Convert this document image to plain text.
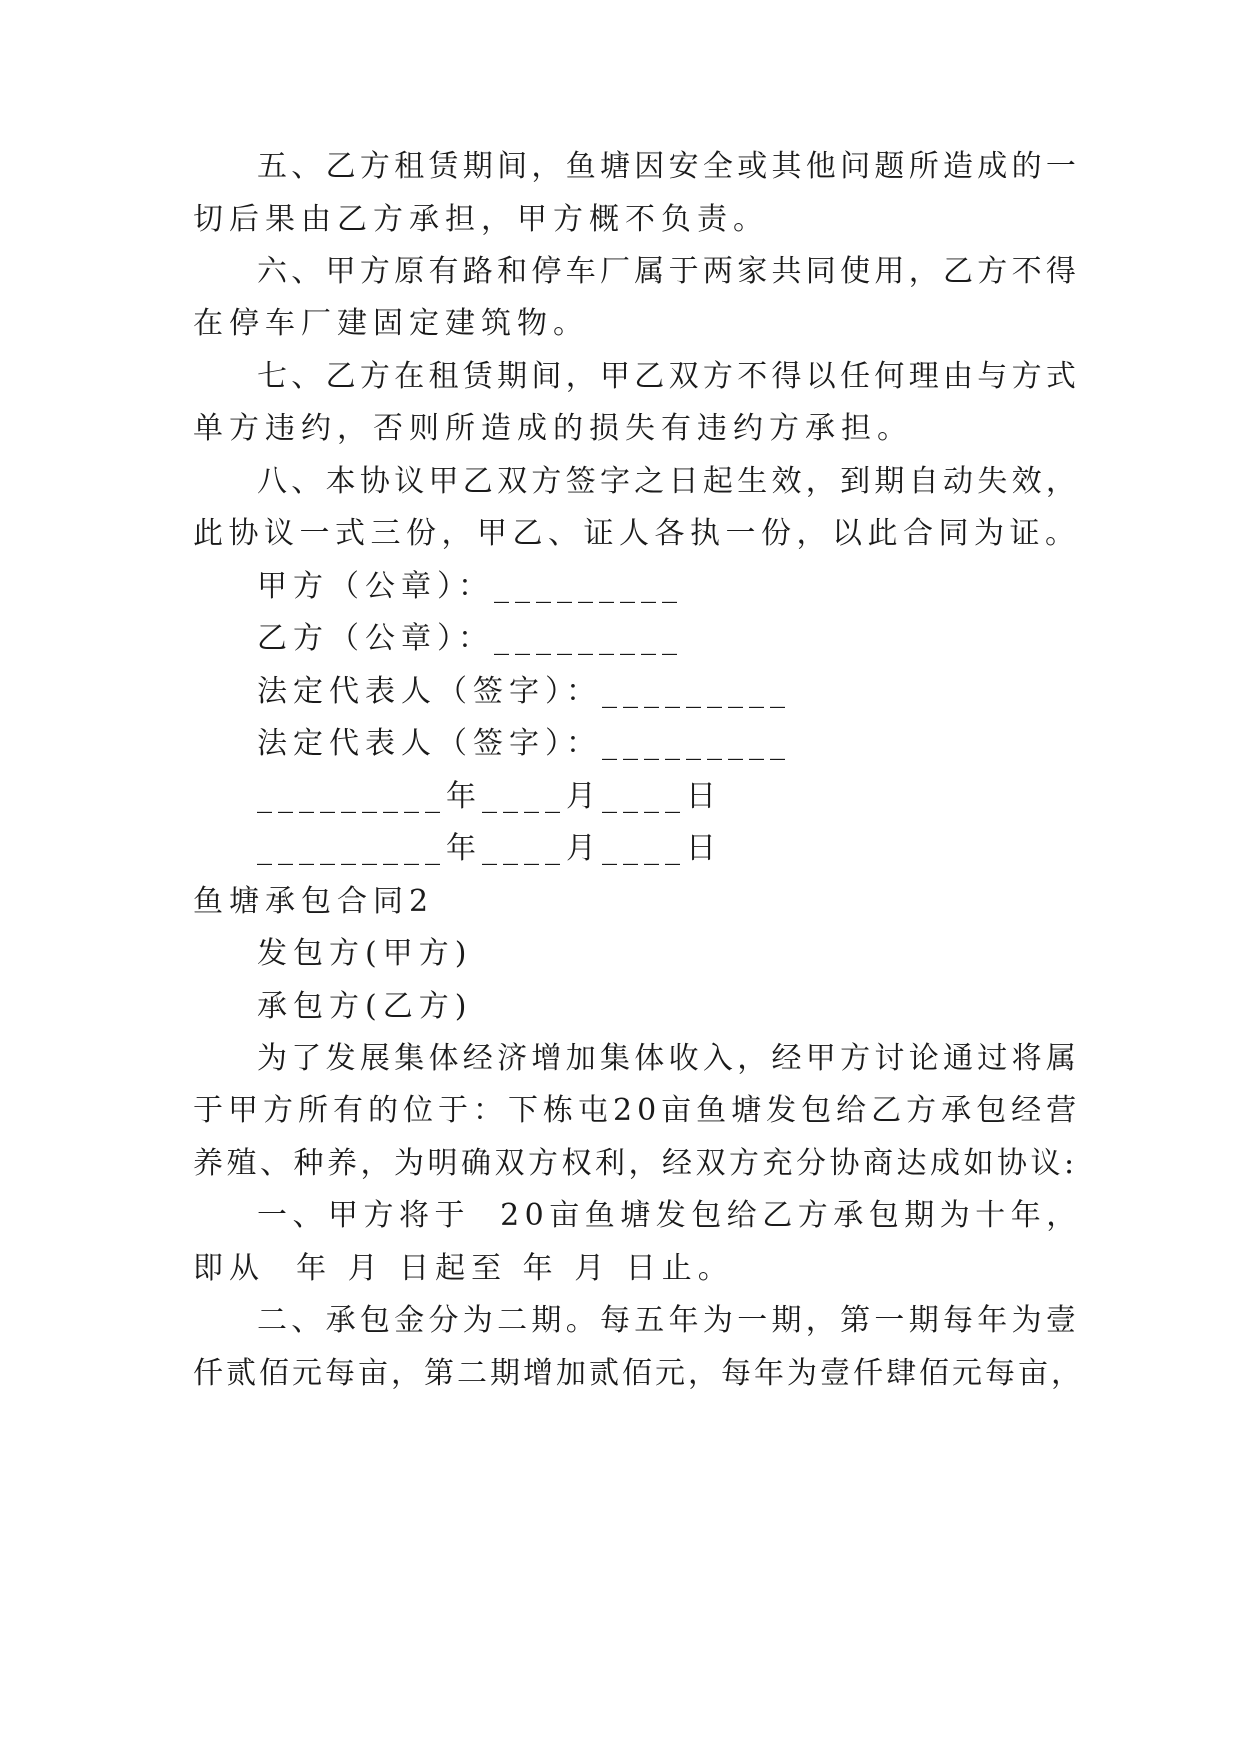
五、乙方租赁期间，鱼塘因安全或其他问题所造成的一
切后果由乙方承担，甲方概不负责。
六、甲方原有路和停车厂属于两家共同使用，乙方不得
在停车厂建固定建筑物。
七、乙方在租赁期间，甲乙双方不得以任何理由与方式
单方违约，否则所造成的损失有违约方承担。
八、本协议甲乙双方签字之日起生效，到期自动失效，
此协议一式三份，甲乙、证人各执一份，以此合同为证。
甲方（公章）：_________
乙方（公章）：_________
法定代表人（签字）：_________
法定代表人（签字）：_________
_________年____月____日
_________年____月____日
鱼塘承包合同2
发包方(甲方)
承包方(乙方)
为了发展集体经济增加集体收入，经甲方讨论通过将属
于甲方所有的位于：下栋屯20亩鱼塘发包给乙方承包经营
养殖、种养，为明确双方权利，经双方充分协商达成如协议:
一、甲方将于  20亩鱼塘发包给乙方承包期为十年，
即从  年 月 日起至 年 月 日止。
二、承包金分为二期。每五年为一期，第一期每年为壹
仟贰佰元每亩，第二期增加贰佰元，每年为壹仟肆佰元每亩，
